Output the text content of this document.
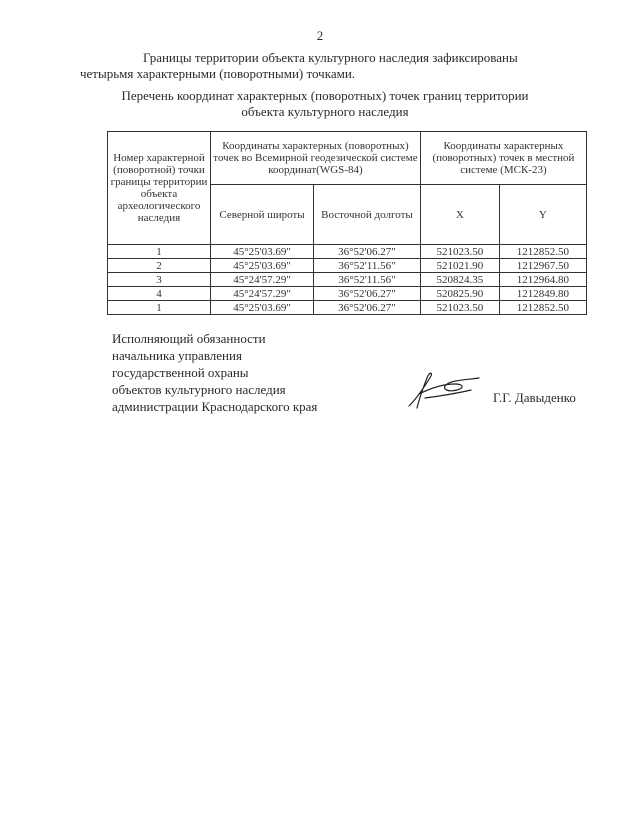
2
Границы территории объекта культурного наследия зафиксированы
четырьмя характерными (поворотными) точками.
Перечень координат характерных (поворотных) точек границ территории
объекта культурного наследия
Номер характерной (поворотной) точки границы территории объекта археологического наследия	Координаты характерных (поворотных) точек во Всемирной геодезической системе координат(WGS-84)		Координаты характерных (поворотных) точек в местной системе (МСК-23)	
	Северной широты	Восточной долготы	X	Y
1	45°25'03.69"	36°52'06.27"	521023.50	1212852.50
2	45°25'03.69"	36°52'11.56"	521021.90	1212967.50
3	45°24'57.29"	36°52'11.56"	520824.35	1212964.80
4	45°24'57.29"	36°52'06.27"	520825.90	1212849.80
1	45°25'03.69"	36°52'06.27"	521023.50	1212852.50
Исполняющий обязанности
начальника управления
государственной охраны
объектов культурного наследия
администрации Краснодарского края
Г.Г. Давыденко
